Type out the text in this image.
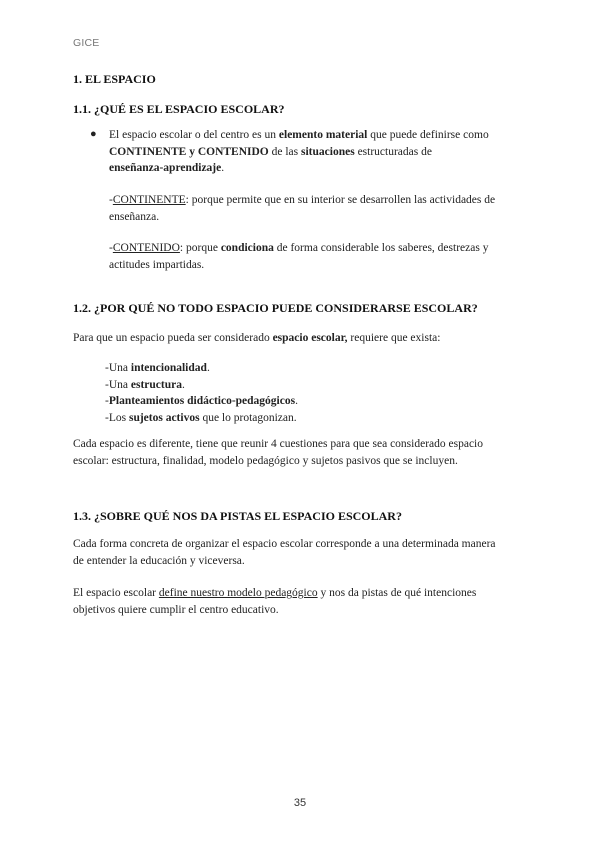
GICE
1. EL ESPACIO
1.1. ¿QUÉ ES EL ESPACIO ESCOLAR?
● El espacio escolar o del centro es un elemento material que puede definirse como
CONTINENTE y CONTENIDO de las situaciones estructuradas de
enseñanza-aprendizaje.
-CONTINENTE: porque permite que en su interior se desarrollen las actividades de
enseñanza.
-CONTENIDO: porque condiciona de forma considerable los saberes, destrezas y
actitudes impartidas.
1.2. ¿POR QUÉ NO TODO ESPACIO PUEDE CONSIDERARSE ESCOLAR?
Para que un espacio pueda ser considerado espacio escolar, requiere que exista:
-Una intencionalidad.
-Una estructura.
-Planteamientos didáctico-pedagógicos.
-Los sujetos activos que lo protagonizan.
Cada espacio es diferente, tiene que reunir 4 cuestiones para que sea considerado espacio
escolar: estructura, finalidad, modelo pedagógico y sujetos pasivos que se incluyen.
1.3. ¿SOBRE QUÉ NOS DA PISTAS EL ESPACIO ESCOLAR?
Cada forma concreta de organizar el espacio escolar corresponde a una determinada manera
de entender la educación y viceversa.
El espacio escolar define nuestro modelo pedagógico y nos da pistas de qué intenciones
objetivos quiere cumplir el centro educativo.
35
